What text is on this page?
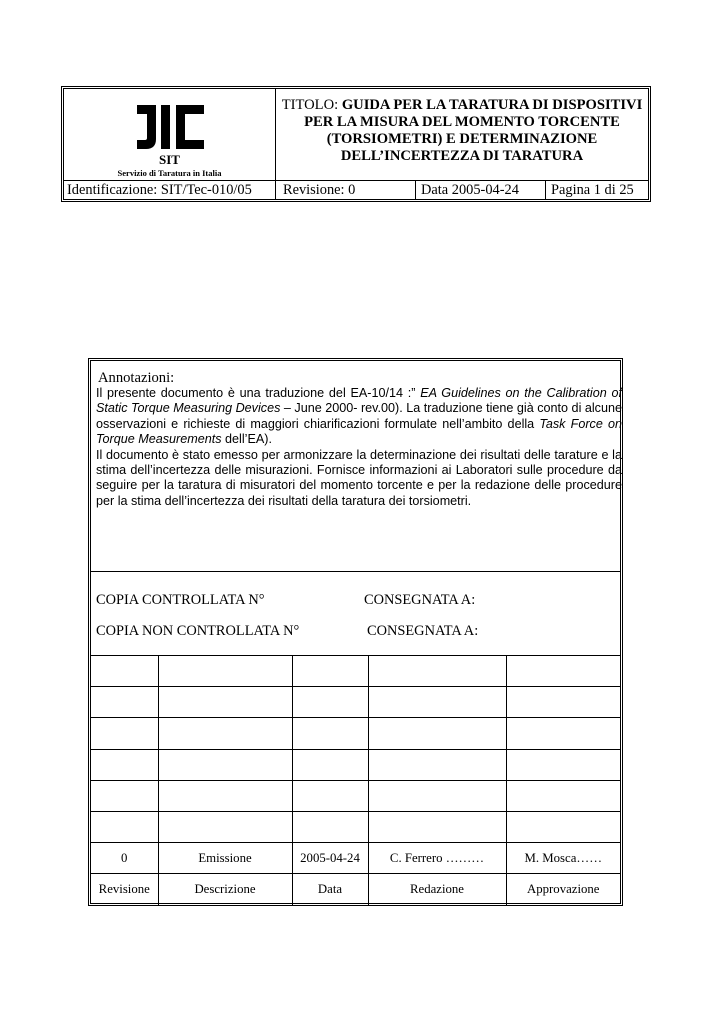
SIT
Servizio di Taratura in Italia
TITOLO: GUIDA PER LA TARATURA DI DISPOSITIVI
PER LA MISURA DEL MOMENTO TORCENTE
(TORSIOMETRI) E DETERMINAZIONE
DELL’INCERTEZZA DI TARATURA
Identificazione: SIT/Tec-010/05	Revisione: 0	Data 2005-04-24	Pagina 1 di 25
Annotazioni:

Il presente documento è una traduzione del EA-10/14 :” EA Guidelines on the Calibration of Static Torque Measuring Devices – June 2000- rev.00). La traduzione tiene già conto di alcune osservazioni e richieste di maggiori chiarificazioni formulate nell’ambito della Task Force on Torque Measurements dell’EA).

Il documento è stato emesso per armonizzare la determinazione dei risultati delle tarature e la stima dell’incertezza delle misurazioni. Fornisce informazioni ai Laboratori sulle procedure da seguire per la taratura di misuratori del momento torcente e per la redazione delle procedure per la stima dell’incertezza dei risultati della taratura dei torsiometri.

COPIA CONTROLLATA N°	CONSEGNATA A:
COPIA NON CONTROLLATA N°	CONSEGNATA A:

0	Emissione	2005-04-24	C. Ferrero ………	M. Mosca……
Revisione	Descrizione	Data	Redazione	Approvazione
